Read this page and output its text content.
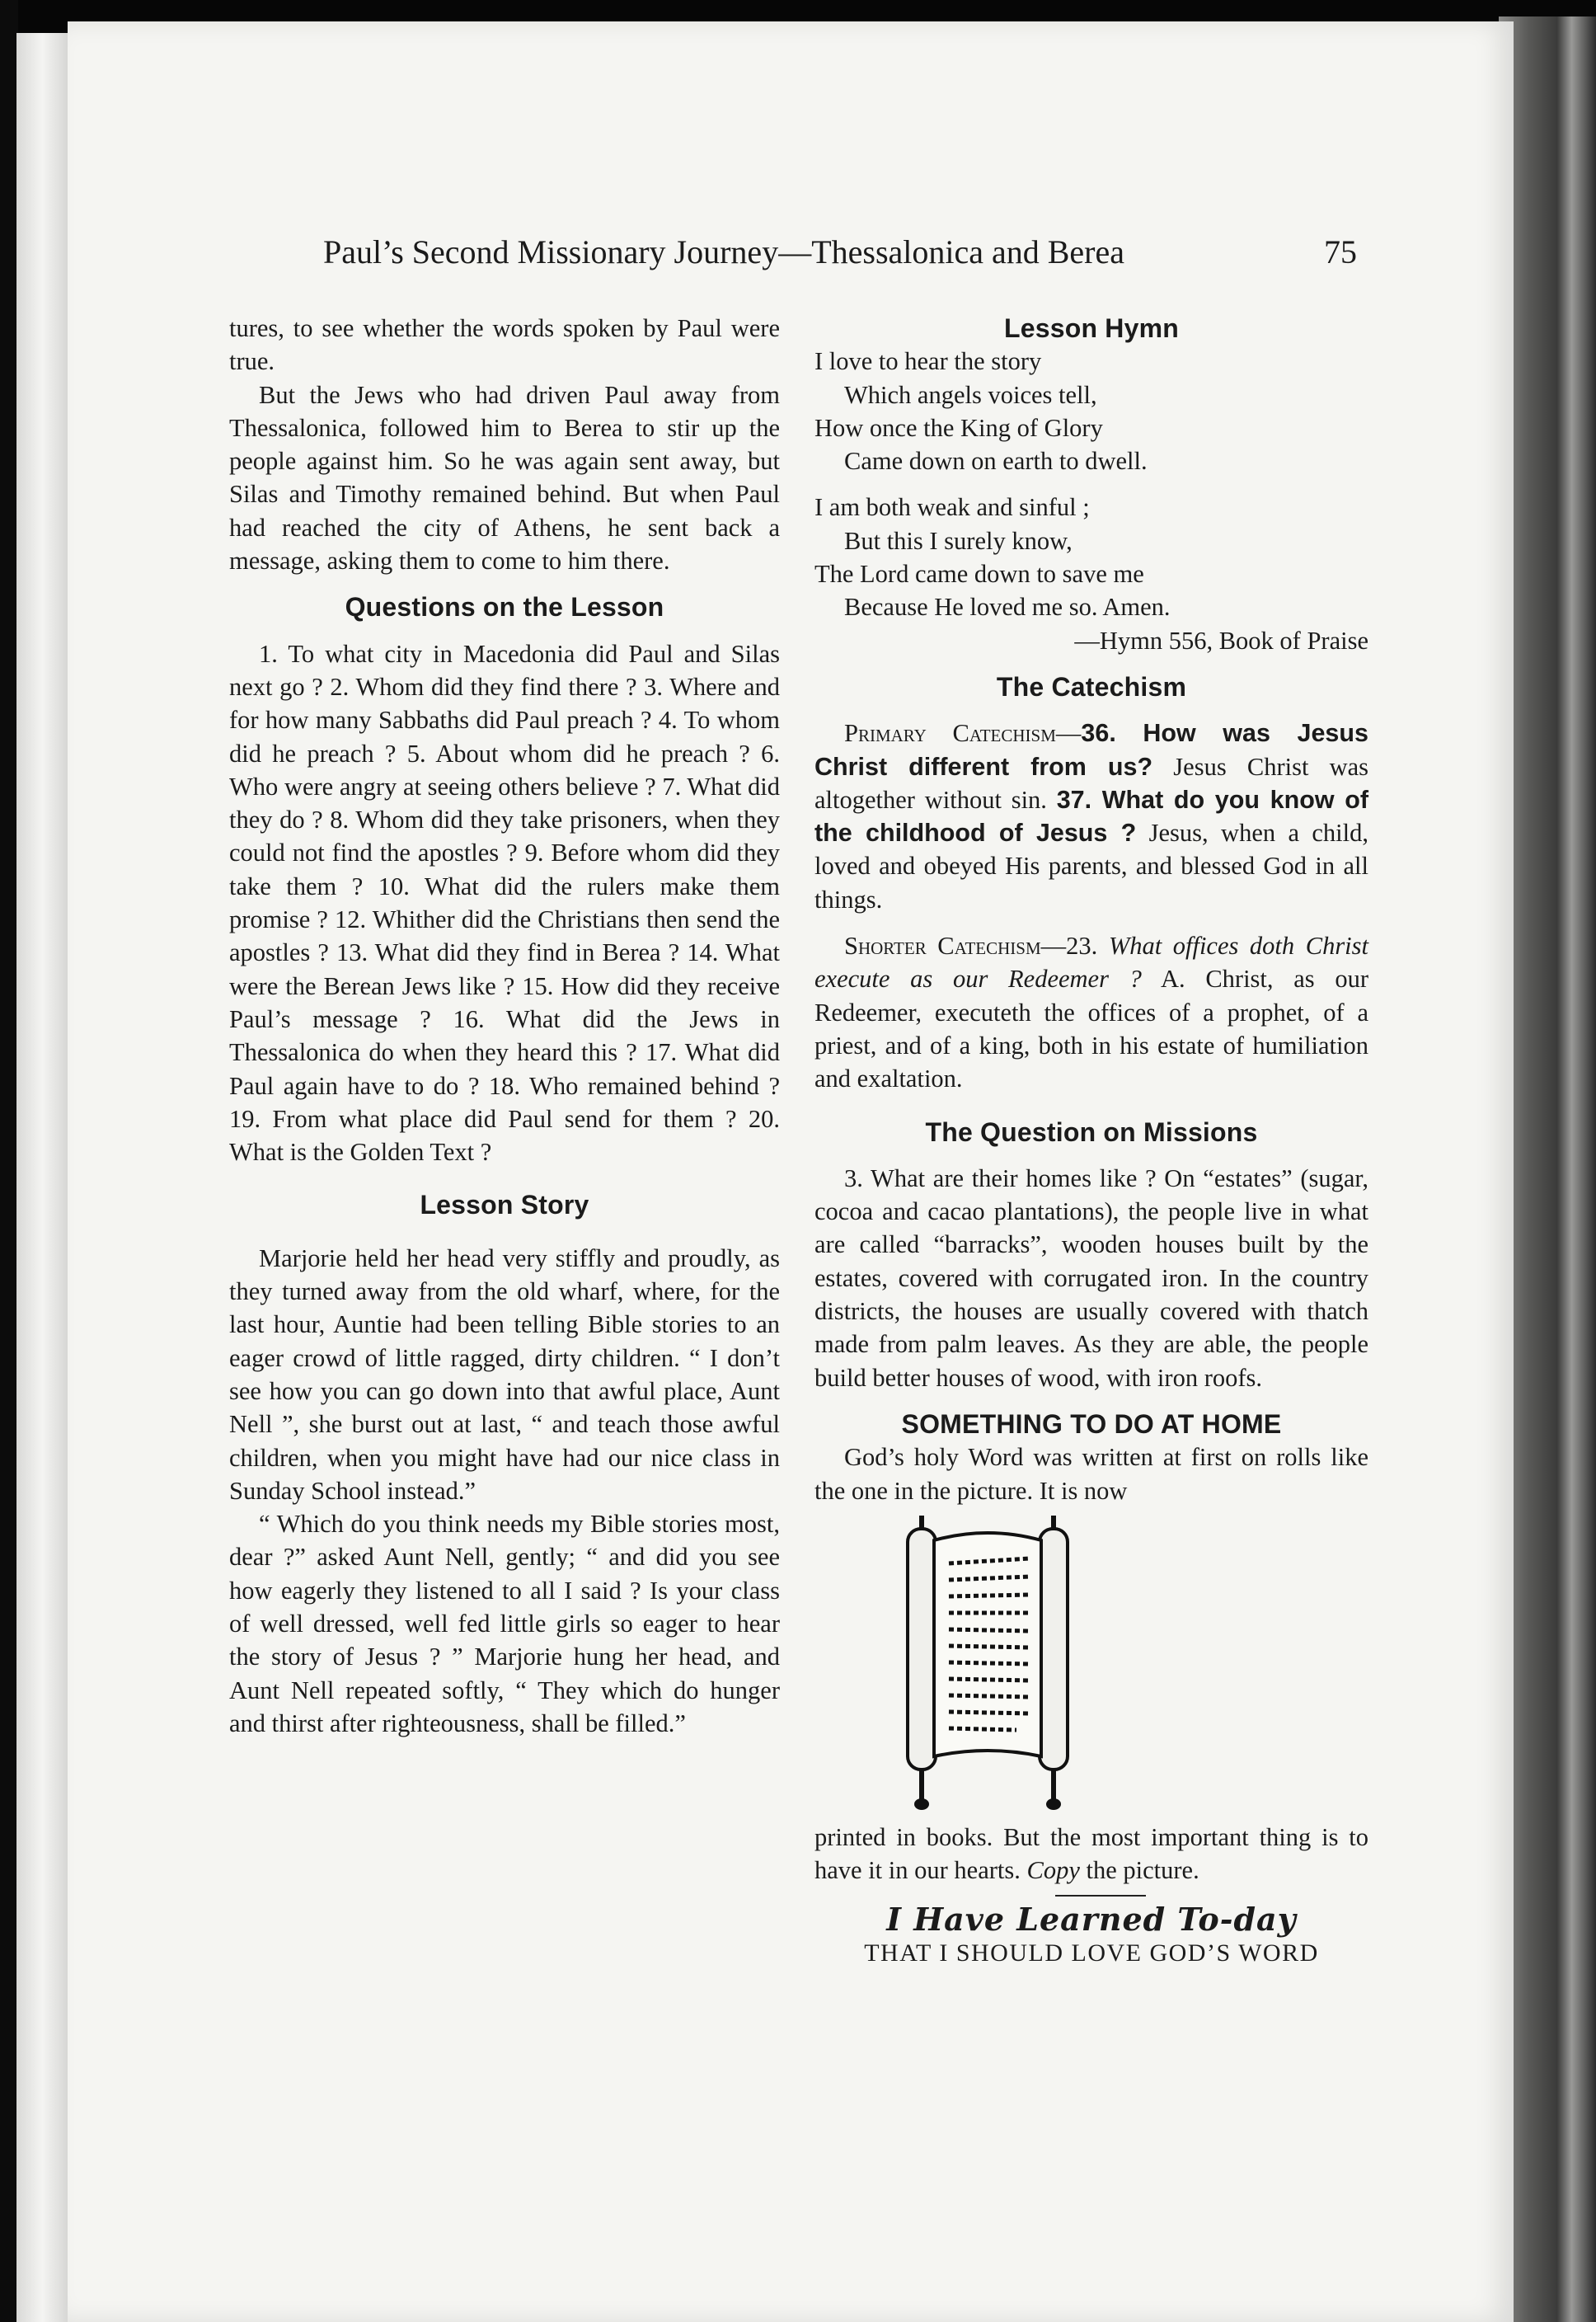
Paul’s Second Missionary Journey—Thessalonica and Berea	75

tures, to see whether the words spoken by Paul were true.

But the Jews who had driven Paul away from Thessalonica, followed him to Berea to stir up the people against him. So he was again sent away, but Silas and Timothy remained behind. But when Paul had reached the city of Athens, he sent back a message, asking them to come to him there.

Questions on the Lesson

1. To what city in Macedonia did Paul and Silas next go ? 2. Whom did they find there ? 3. Where and for how many Sabbaths did Paul preach ? 4. To whom did he preach ? 5. About whom did he preach ? 6. Who were angry at seeing others believe ? 7. What did they do ? 8. Whom did they take prisoners, when they could not find the apostles ? 9. Before whom did they take them ? 10. What did the rulers make them promise ? 12. Whither did the Christians then send the apostles ? 13. What did they find in Berea ? 14. What were the Berean Jews like ? 15. How did they receive Paul’s message ? 16. What did the Jews in Thessalonica do when they heard this ? 17. What did Paul again have to do ? 18. Who remained behind ? 19. From what place did Paul send for them ? 20. What is the Golden Text ?

Lesson Story

Marjorie held her head very stiffly and proudly, as they turned away from the old wharf, where, for the last hour, Auntie had been telling Bible stories to an eager crowd of little ragged, dirty children. “ I don’t see how you can go down into that awful place, Aunt Nell ”, she burst out at last, “ and teach those awful children, when you might have had our nice class in Sunday School instead.”

“ Which do you think needs my Bible stories most, dear ?” asked Aunt Nell, gently; “ and did you see how eagerly they listened to all I said ? Is your class of well dressed, well fed little girls so eager to hear the story of Jesus ? ” Marjorie hung her head, and Aunt Nell repeated softly, “ They which do hunger and thirst after righteousness, shall be filled.”

Lesson Hymn
I love to hear the story
Which angels voices tell,
How once the King of Glory
Came down on earth to dwell.
I am both weak and sinful ;
But this I surely know,
The Lord came down to save me
Because He loved me so. Amen.
—Hymn 556, Book of Praise
The Catechism

Primary Catechism—36. How was Jesus Christ different from us? Jesus Christ was altogether without sin. 37. What do you know of the childhood of Jesus ? Jesus, when a child, loved and obeyed His parents, and blessed God in all things.

Shorter Catechism—23. What offices doth Christ execute as our Redeemer ? A. Christ, as our Redeemer, executeth the offices of a prophet, of a priest, and of a king, both in his estate of humiliation and exaltation.

The Question on Missions

3. What are their homes like ? On “estates” (sugar, cocoa and cacao plantations), the people live in what are called “barracks”, wooden houses built by the estates, covered with corrugated iron. In the country districts, the houses are usually covered with thatch made from palm leaves. As they are able, the people build better houses of wood, with iron roofs.

SOMETHING TO DO AT HOME

God’s holy Word was written at first on rolls like the one in the picture. It is now

printed in books. But the most important thing is to have it in our hearts. Copy the picture.

I Have Learned To-day
THAT I SHOULD LOVE GOD’S WORD
